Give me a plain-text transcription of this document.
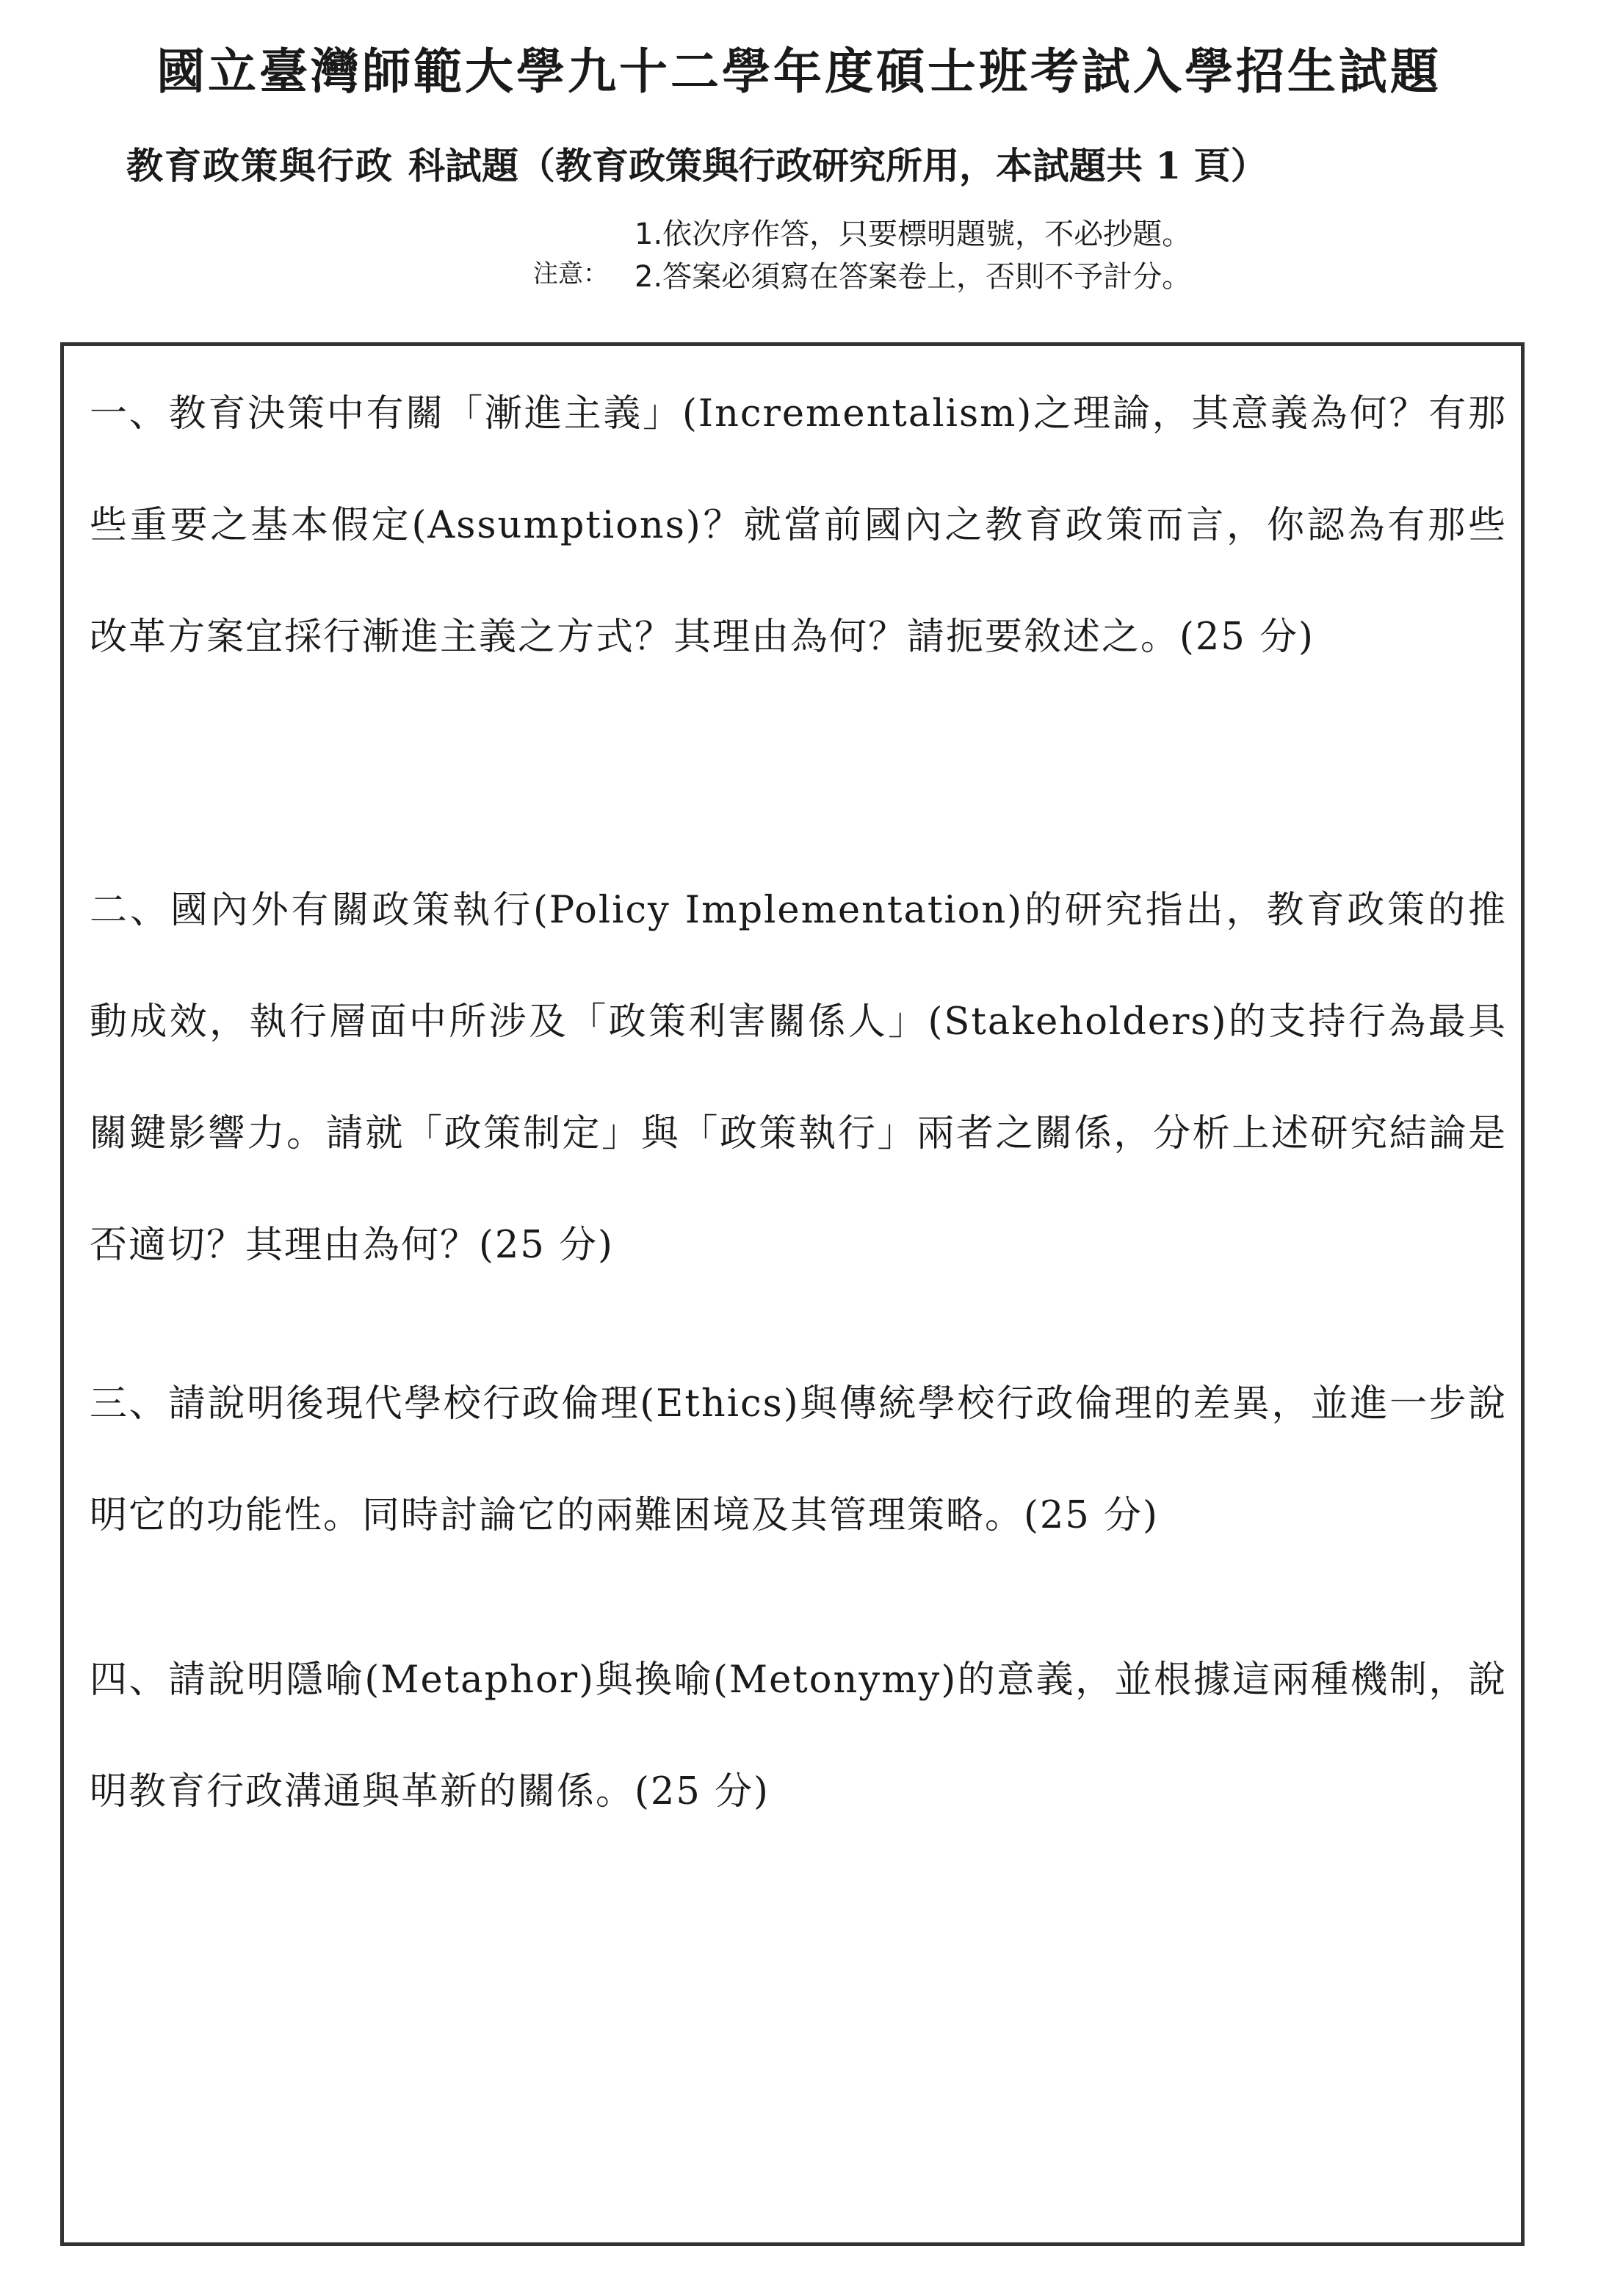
國立臺灣師範大學九十二學年度碩士班考試入學招生試題
教育政策與行政 科試題（教育政策與行政研究所用，本試題共 1 頁）
注意：
1.依次序作答，只要標明題號，不必抄題。
2.答案必須寫在答案卷上，否則不予計分。

一、教育決策中有關「漸進主義」(Incrementalism)之理論，其意義為何？有那些重要之基本假定(Assumptions)？就當前國內之教育政策而言，你認為有那些改革方案宜採行漸進主義之方式？其理由為何？請扼要敘述之。(25 分)

二、國內外有關政策執行(Policy Implementation)的研究指出，教育政策的推動成效，執行層面中所涉及「政策利害關係人」(Stakeholders)的支持行為最具關鍵影響力。請就「政策制定」與「政策執行」兩者之關係，分析上述研究結論是否適切？其理由為何？(25 分)

三、請說明後現代學校行政倫理(Ethics)與傳統學校行政倫理的差異，並進一步說明它的功能性。同時討論它的兩難困境及其管理策略。(25 分)

四、請說明隱喻(Metaphor)與換喻(Metonymy)的意義，並根據這兩種機制，說明教育行政溝通與革新的關係。(25 分)
